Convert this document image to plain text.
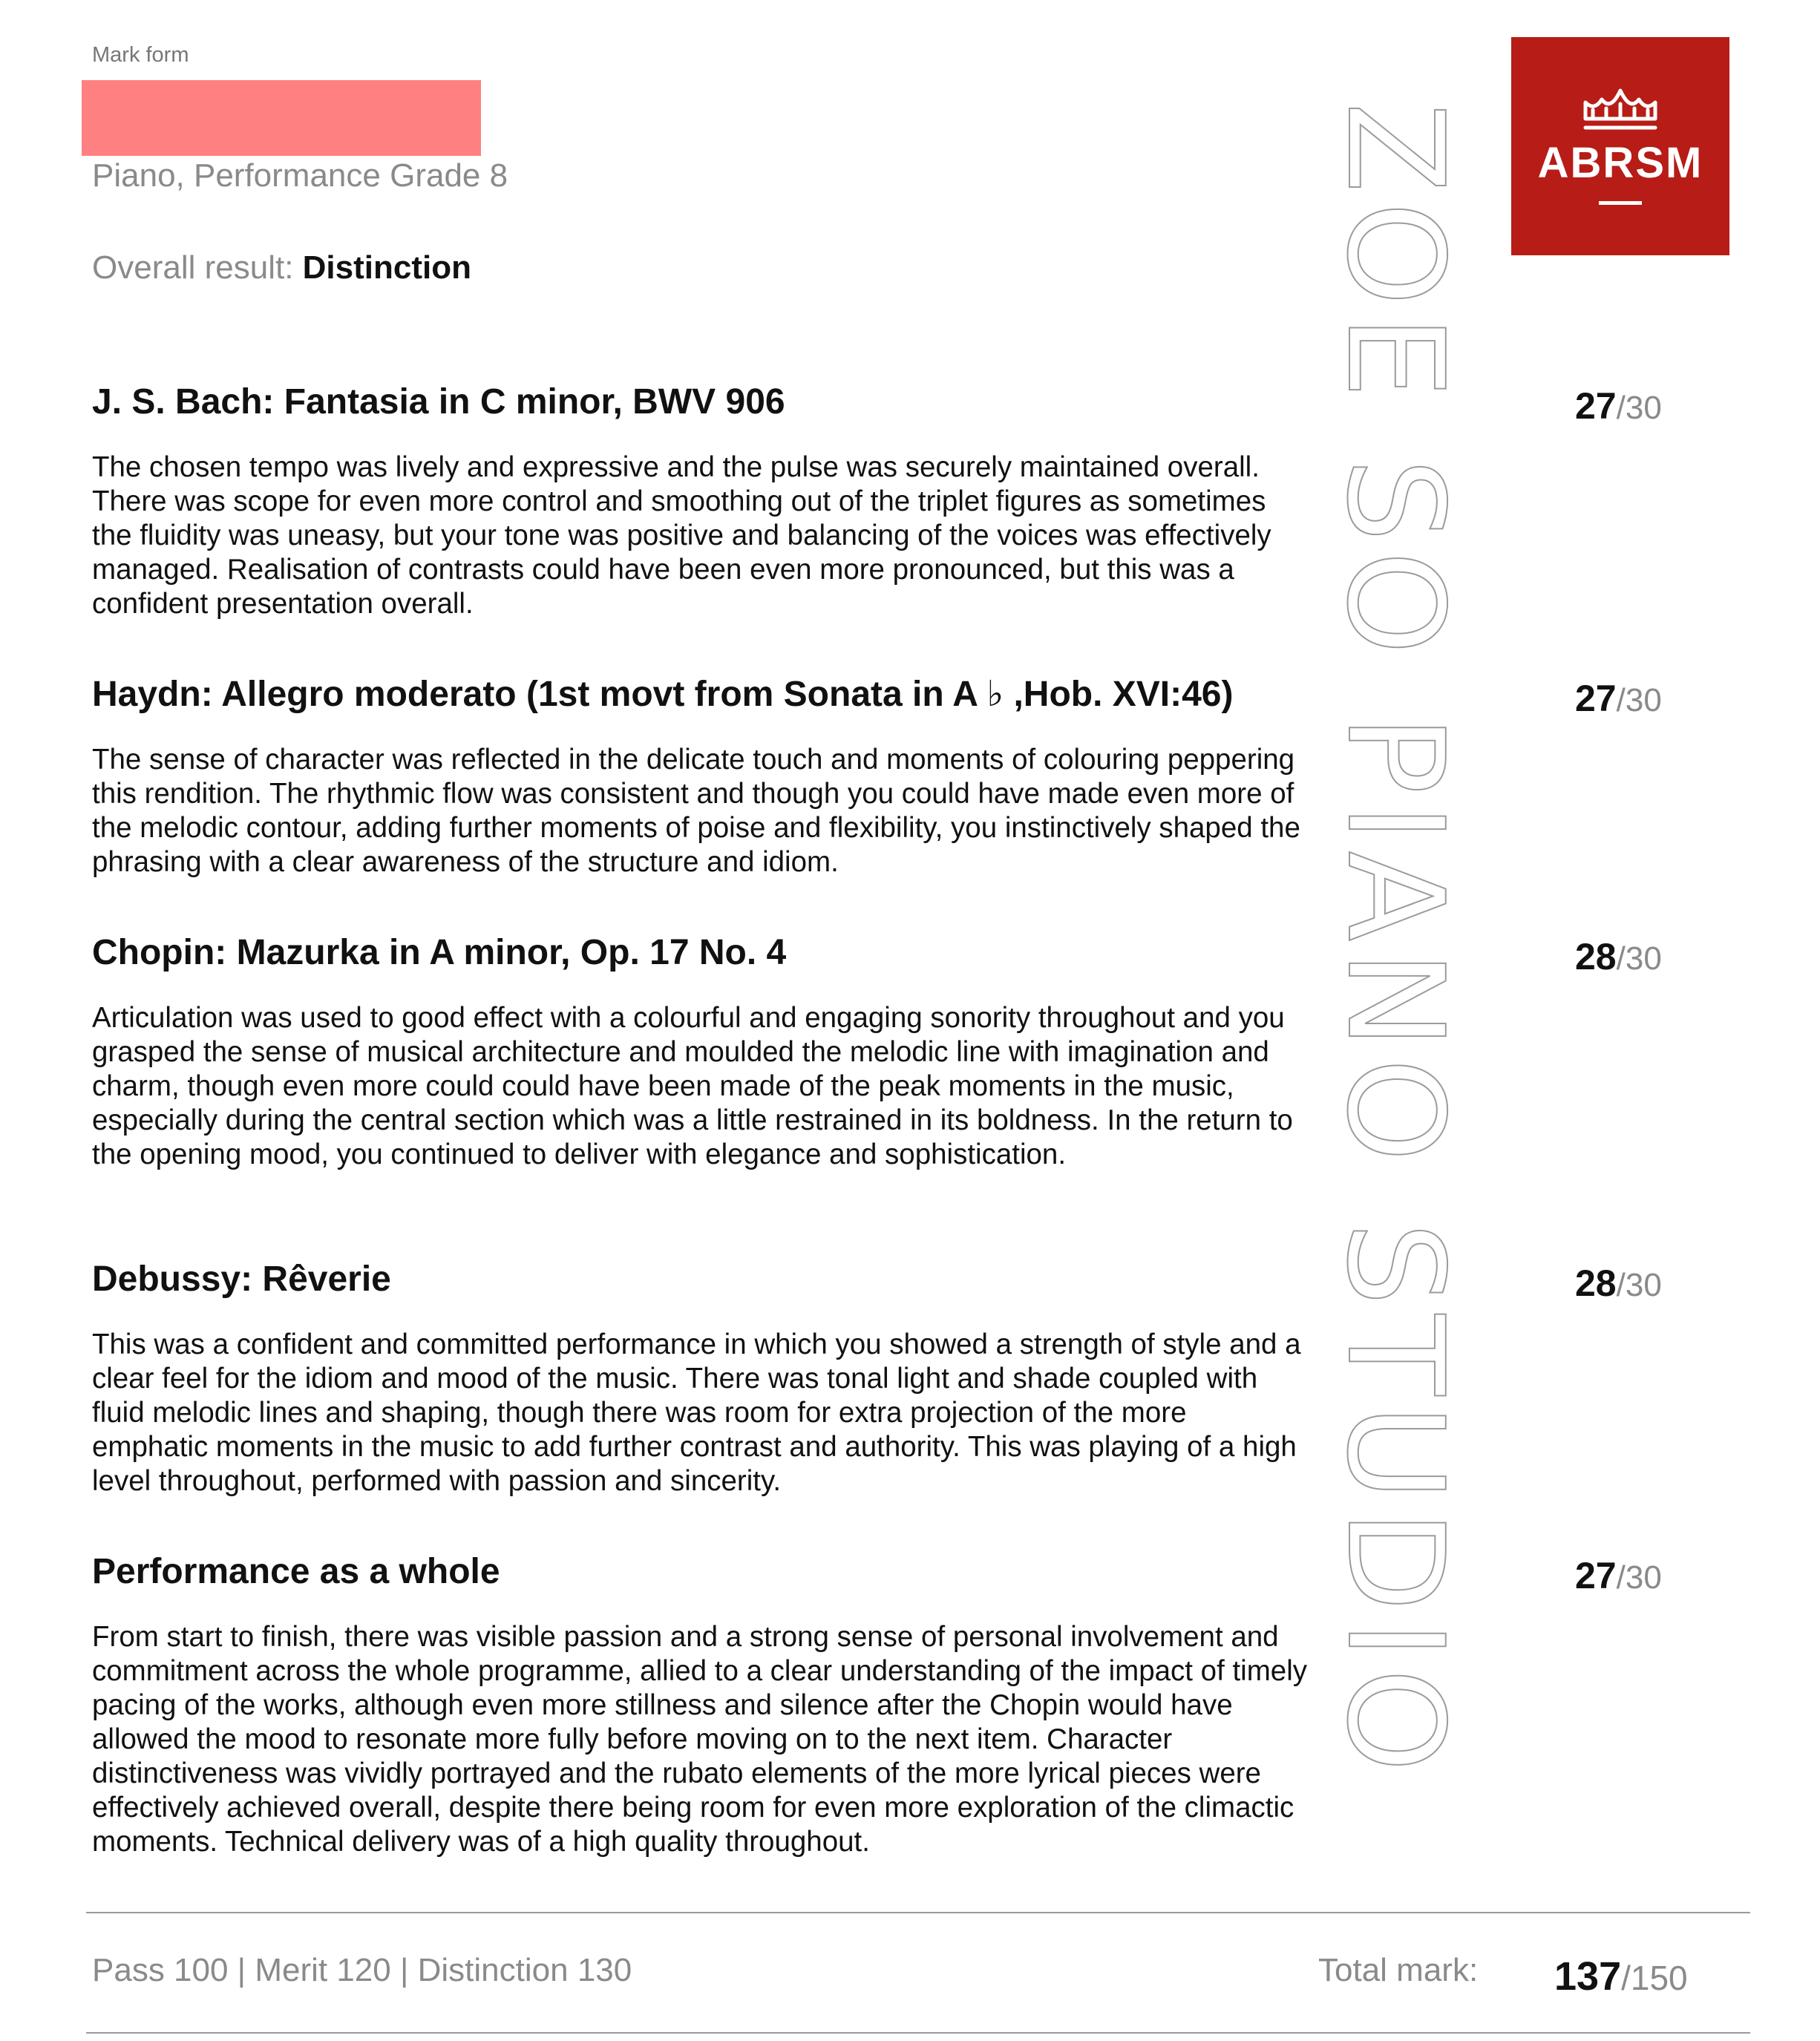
Mark form
Piano, Performance Grade 8
Overall result: Distinction
ABRSM
ZOE SO PIANO STUDIO
J. S. Bach: Fantasia in C minor, BWV 906

The chosen tempo was lively and expressive and the pulse was securely maintained overall. There was scope for even more control and smoothing out of the triplet figures as sometimes the fluidity was uneasy, but your tone was positive and balancing of the voices was effectively managed. Realisation of contrasts could have been even more pronounced, but this was a confident presentation overall.

27/30
Haydn: Allegro moderato (1st movt from Sonata in A ♭ ,Hob. XVI:46)

The sense of character was reflected in the delicate touch and moments of colouring peppering this rendition. The rhythmic flow was consistent and though you could have made even more of the melodic contour, adding further moments of poise and flexibility, you instinctively shaped the phrasing with a clear awareness of the structure and idiom.

27/30
Chopin: Mazurka in A minor, Op. 17 No. 4

Articulation was used to good effect with a colourful and engaging sonority throughout and you grasped the sense of musical architecture and moulded the melodic line with imagination and charm, though even more could could have been made of the peak moments in the music, especially during the central section which was a little restrained in its boldness. In the return to the opening mood, you continued to deliver with elegance and sophistication.

28/30
Debussy: Rêverie

This was a confident and committed performance in which you showed a strength of style and a clear feel for the idiom and mood of the music. There was tonal light and shade coupled with fluid melodic lines and shaping, though there was room for extra projection of the more emphatic moments in the music to add further contrast and authority. This was playing of a high level throughout, performed with passion and sincerity.

28/30
Performance as a whole

From start to finish, there was visible passion and a strong sense of personal involvement and commitment across the whole programme, allied to a clear understanding of the impact of timely pacing of the works, although even more stillness and silence after the Chopin would have allowed the mood to resonate more fully before moving on to the next item. Character distinctiveness was vividly portrayed and the rubato elements of the more lyrical pieces were effectively achieved overall, despite there being room for even more exploration of the climactic moments. Technical delivery was of a high quality throughout.

27/30
Pass 100 | Merit 120 | Distinction 130	Total mark: 137/150
